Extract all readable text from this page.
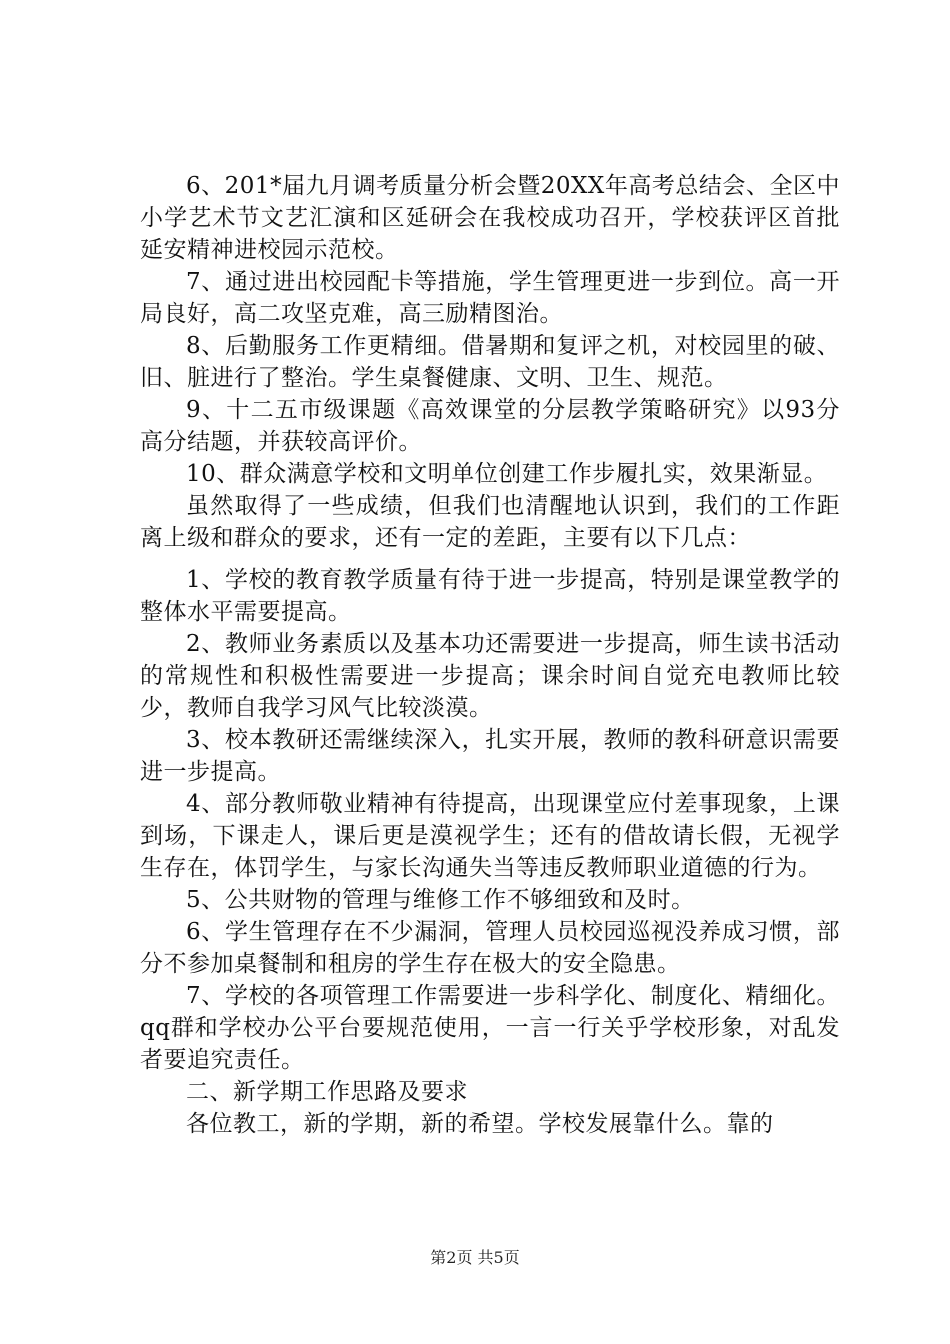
6、201*届九月调考质量分析会暨20XX年高考总结会、全区中小学艺术节文艺汇演和区延研会在我校成功召开，学校获评区首批延安精神进校园示范校。

7、通过进出校园配卡等措施，学生管理更进一步到位。高一开局良好，高二攻坚克难，高三励精图治。

8、后勤服务工作更精细。借暑期和复评之机，对校园里的破、旧、脏进行了整治。学生桌餐健康、文明、卫生、规范。

9、十二五市级课题《高效课堂的分层教学策略研究》以93分高分结题，并获较高评价。

10、群众满意学校和文明单位创建工作步履扎实，效果渐显。

虽然取得了一些成绩，但我们也清醒地认识到，我们的工作距离上级和群众的要求，还有一定的差距，主要有以下几点：

1、学校的教育教学质量有待于进一步提高，特别是课堂教学的整体水平需要提高。

2、教师业务素质以及基本功还需要进一步提高，师生读书活动的常规性和积极性需要进一步提高；课余时间自觉充电教师比较少，教师自我学习风气比较淡漠。

3、校本教研还需继续深入，扎实开展，教师的教科研意识需要进一步提高。

4、部分教师敬业精神有待提高，出现课堂应付差事现象，上课到场，下课走人，课后更是漠视学生；还有的借故请长假，无视学生存在，体罚学生，与家长沟通失当等违反教师职业道德的行为。

5、公共财物的管理与维修工作不够细致和及时。

6、学生管理存在不少漏洞，管理人员校园巡视没养成习惯，部分不参加桌餐制和租房的学生存在极大的安全隐患。

7、学校的各项管理工作需要进一步科学化、制度化、精细化。qq群和学校办公平台要规范使用，一言一行关乎学校形象，对乱发者要追究责任。

二、新学期工作思路及要求

各位教工，新的学期，新的希望。学校发展靠什么。靠的

第2页 共5页
